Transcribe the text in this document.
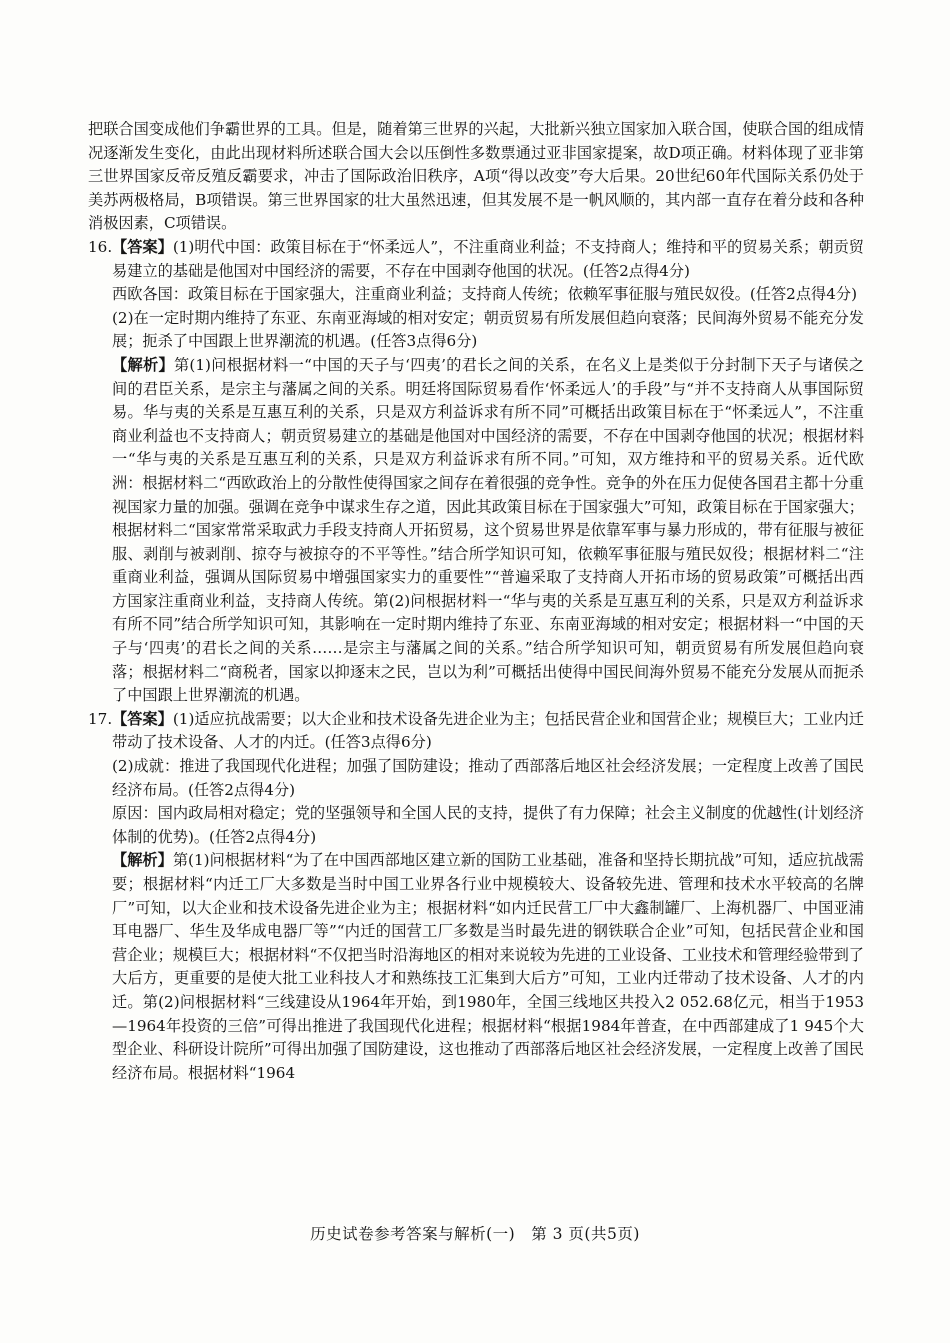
把联合国变成他们争霸世界的工具。但是，随着第三世界的兴起，大批新兴独立国家加入联合国，使联合国的组成情况逐渐发生变化，由此出现材料所述联合国大会以压倒性多数票通过亚非国家提案，故D项正确。材料体现了亚非第三世界国家反帝反殖反霸要求，冲击了国际政治旧秩序，A项“得以改变”夸大后果。20世纪60年代国际关系仍处于美苏两极格局，B项错误。第三世界国家的壮大虽然迅速，但其发展不是一帆风顺的，其内部一直存在着分歧和各种消极因素，C项错误。

16. 【答案】(1)明代中国：政策目标在于“怀柔远人”，不注重商业利益；不支持商人；维持和平的贸易关系；朝贡贸易建立的基础是他国对中国经济的需要，不存在中国剥夺他国的状况。(任答2点得4分)

西欧各国：政策目标在于国家强大，注重商业利益；支持商人传统；依赖军事征服与殖民奴役。(任答2点得4分)

(2)在一定时期内维持了东亚、东南亚海域的相对安定；朝贡贸易有所发展但趋向衰落；民间海外贸易不能充分发展；扼杀了中国跟上世界潮流的机遇。(任答3点得6分)

【解析】第(1)问根据材料一“中国的天子与‘四夷’的君长之间的关系，在名义上是类似于分封制下天子与诸侯之间的君臣关系，是宗主与藩属之间的关系。明廷将国际贸易看作‘怀柔远人’的手段”与“并不支持商人从事国际贸易。华与夷的关系是互惠互利的关系，只是双方利益诉求有所不同”可概括出政策目标在于“怀柔远人”，不注重商业利益也不支持商人；朝贡贸易建立的基础是他国对中国经济的需要，不存在中国剥夺他国的状况；根据材料一“华与夷的关系是互惠互利的关系，只是双方利益诉求有所不同。”可知，双方维持和平的贸易关系。近代欧洲：根据材料二“西欧政治上的分散性使得国家之间存在着很强的竞争性。竞争的外在压力促使各国君主都十分重视国家力量的加强。强调在竞争中谋求生存之道，因此其政策目标在于国家强大”可知，政策目标在于国家强大；根据材料二“国家常常采取武力手段支持商人开拓贸易，这个贸易世界是依靠军事与暴力形成的，带有征服与被征服、剥削与被剥削、掠夺与被掠夺的不平等性。”结合所学知识可知，依赖军事征服与殖民奴役；根据材料二“注重商业利益，强调从国际贸易中增强国家实力的重要性”“普遍采取了支持商人开拓市场的贸易政策”可概括出西方国家注重商业利益，支持商人传统。第(2)问根据材料一“华与夷的关系是互惠互利的关系，只是双方利益诉求有所不同”结合所学知识可知，其影响在一定时期内维持了东亚、东南亚海域的相对安定；根据材料一“中国的天子与‘四夷’的君长之间的关系……是宗主与藩属之间的关系。”结合所学知识可知，朝贡贸易有所发展但趋向衰落；根据材料二“商税者，国家以抑逐末之民，岂以为利”可概括出使得中国民间海外贸易不能充分发展从而扼杀了中国跟上世界潮流的机遇。

17. 【答案】(1)适应抗战需要；以大企业和技术设备先进企业为主；包括民营企业和国营企业；规模巨大；工业内迁带动了技术设备、人才的内迁。(任答3点得6分)

(2)成就：推进了我国现代化进程；加强了国防建设；推动了西部落后地区社会经济发展；一定程度上改善了国民经济布局。(任答2点得4分)

原因：国内政局相对稳定；党的坚强领导和全国人民的支持，提供了有力保障；社会主义制度的优越性(计划经济体制的优势)。(任答2点得4分)

【解析】第(1)问根据材料“为了在中国西部地区建立新的国防工业基础，准备和坚持长期抗战”可知，适应抗战需要；根据材料“内迁工厂大多数是当时中国工业界各行业中规模较大、设备较先进、管理和技术水平较高的名牌厂”可知，以大企业和技术设备先进企业为主；根据材料“如内迁民营工厂中大鑫制罐厂、上海机器厂、中国亚浦耳电器厂、华生及华成电器厂等”“内迁的国营工厂多数是当时最先进的钢铁联合企业”可知，包括民营企业和国营企业；规模巨大；根据材料“不仅把当时沿海地区的相对来说较为先进的工业设备、工业技术和管理经验带到了大后方，更重要的是使大批工业科技人才和熟练技工汇集到大后方”可知，工业内迁带动了技术设备、人才的内迁。第(2)问根据材料“三线建设从1964年开始，到1980年，全国三线地区共投入2 052.68亿元，相当于1953—1964年投资的三倍”可得出推进了我国现代化进程；根据材料“根据1984年普查，在中西部建成了1 945个大型企业、科研设计院所”可得出加强了国防建设，这也推动了西部落后地区社会经济发展，一定程度上改善了国民经济布局。根据材料“1964

历史试卷参考答案与解析(一)　第 3 页(共5页)
